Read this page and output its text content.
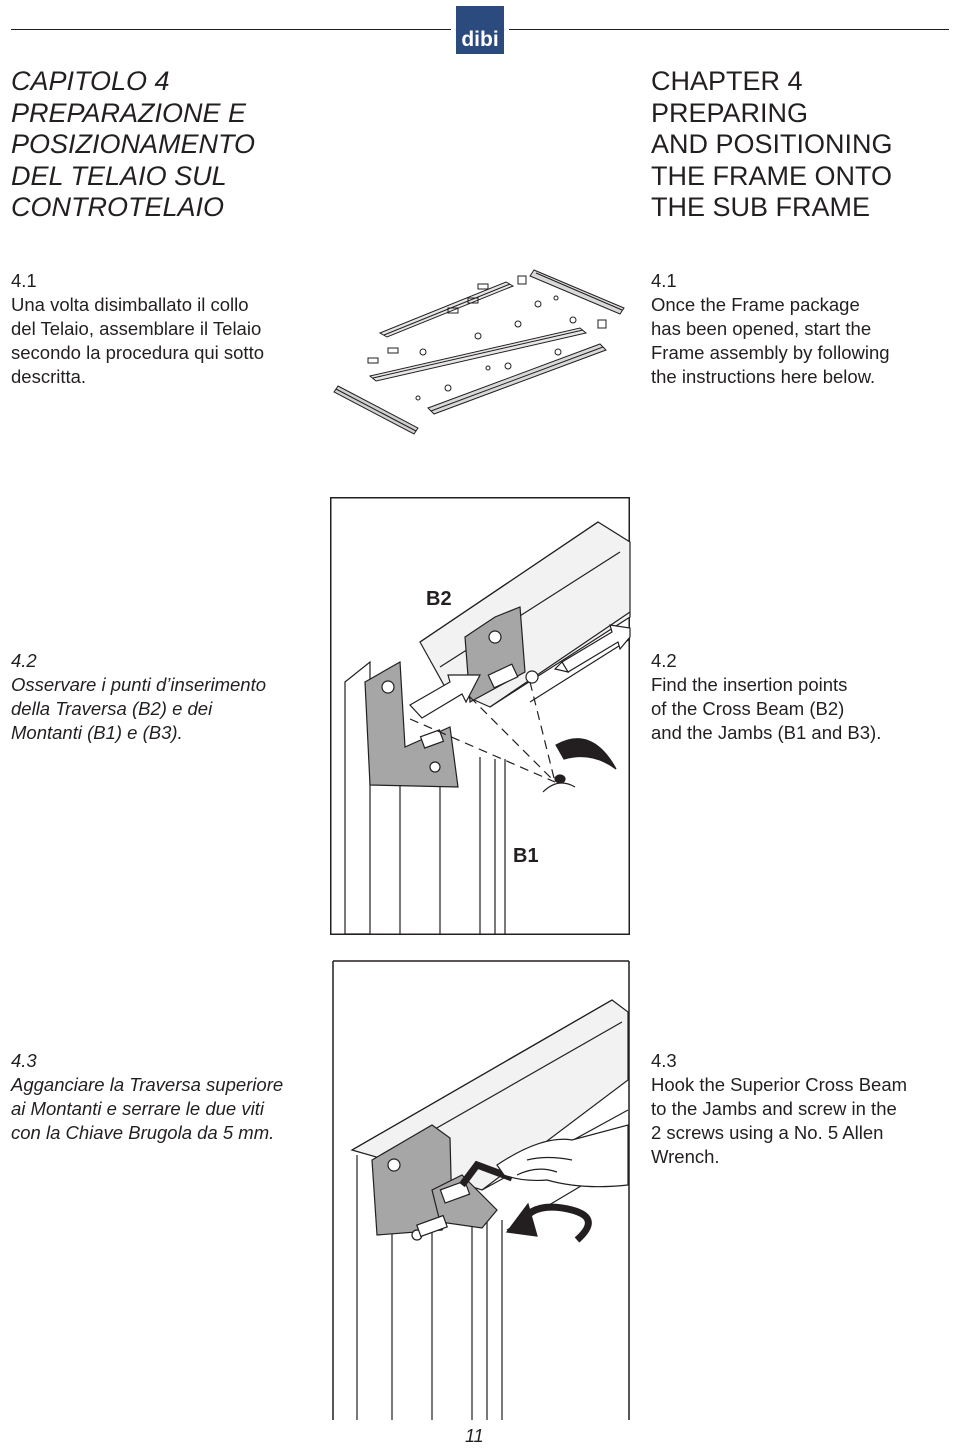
dibi
CAPITOLO 4
PREPARAZIONE E
POSIZIONAMENTO
DEL TELAIO SUL
CONTROTELAIO
CHAPTER 4
PREPARING
AND POSITIONING
THE FRAME ONTO
THE SUB FRAME
4.1
Una volta disimballato il collo
del Telaio, assemblare il Telaio
secondo la procedura qui sotto
descritta.
4.1
Once the Frame package
has been opened, start the
Frame assembly by following
the instructions here below.
4.2
Osservare i punti d’inserimento
della Traversa (B2) e dei
Montanti (B1) e (B3).
4.2
Find the insertion points
of the Cross Beam (B2)
and the Jambs (B1 and B3).
B2
B1
4.3
Agganciare la Traversa superiore
ai Montanti e serrare le due viti
con la Chiave Brugola da 5 mm.
4.3
Hook the Superior Cross Beam
to the Jambs and screw in the
2 screws using a No. 5 Allen
Wrench.
11
